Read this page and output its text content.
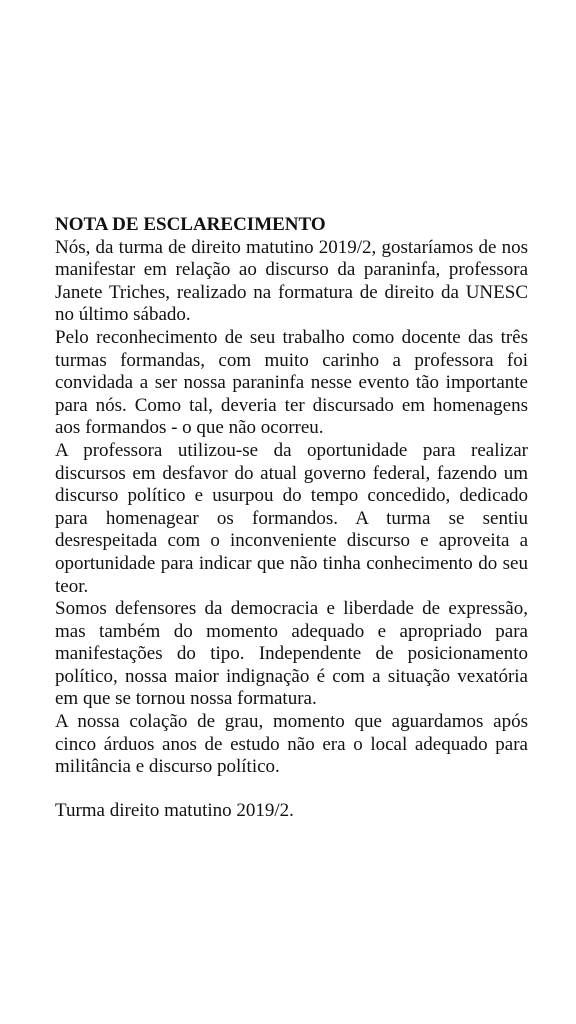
NOTA DE ESCLARECIMENTO

Nós, da turma de direito matutino 2019/2, gostaríamos de nos manifestar em relação ao discurso da paraninfa, professora Janete Triches, realizado na formatura de direito da UNESC no último sábado.

Pelo reconhecimento de seu trabalho como docente das três turmas formandas, com muito carinho a professora foi convidada a ser nossa paraninfa nesse evento tão importante para nós. Como tal, deveria ter discursado em homenagens aos formandos - o que não ocorreu.

A professora utilizou-se da oportunidade para realizar discursos em desfavor do atual governo federal, fazendo um discurso político e usurpou do tempo concedido, dedicado para homenagear os formandos. A turma se sentiu desrespeitada com o inconveniente discurso e aproveita a oportunidade para indicar que não tinha conhecimento do seu teor.

Somos defensores da democracia e liberdade de expressão, mas também do momento adequado e apropriado para manifestações do tipo. Independente de posicionamento político, nossa maior indignação é com a situação vexatória em que se tornou nossa formatura.

A nossa colação de grau, momento que aguardamos após cinco árduos anos de estudo não era o local adequado para militância e discurso político.

Turma direito matutino 2019/2.
